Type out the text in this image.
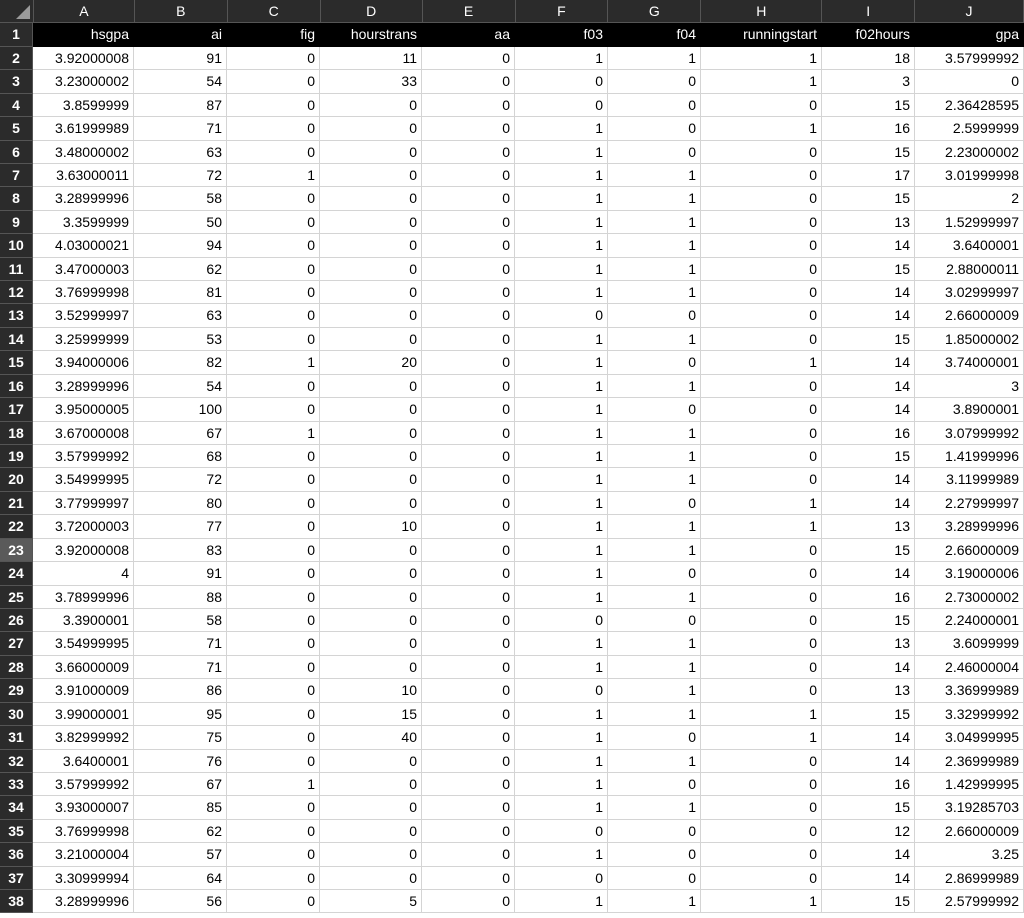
A	B	C	D	E	F	G	H	I	J
1	hsgpa	ai	fig	hourstrans	aa	f03	f04	runningstart	f02hours	gpa
2	3.92000008	91	0	11	0	1	1	1	18	3.57999992
3	3.23000002	54	0	33	0	0	0	1	3	0
4	3.8599999	87	0	0	0	0	0	0	15	2.36428595
5	3.61999989	71	0	0	0	1	0	1	16	2.5999999
6	3.48000002	63	0	0	0	1	0	0	15	2.23000002
7	3.63000011	72	1	0	0	1	1	0	17	3.01999998
8	3.28999996	58	0	0	0	1	1	0	15	2
9	3.3599999	50	0	0	0	1	1	0	13	1.52999997
10	4.03000021	94	0	0	0	1	1	0	14	3.6400001
11	3.47000003	62	0	0	0	1	1	0	15	2.88000011
12	3.76999998	81	0	0	0	1	1	0	14	3.02999997
13	3.52999997	63	0	0	0	0	0	0	14	2.66000009
14	3.25999999	53	0	0	0	1	1	0	15	1.85000002
15	3.94000006	82	1	20	0	1	0	1	14	3.74000001
16	3.28999996	54	0	0	0	1	1	0	14	3
17	3.95000005	100	0	0	0	1	0	0	14	3.8900001
18	3.67000008	67	1	0	0	1	1	0	16	3.07999992
19	3.57999992	68	0	0	0	1	1	0	15	1.41999996
20	3.54999995	72	0	0	0	1	1	0	14	3.11999989
21	3.77999997	80	0	0	0	1	0	1	14	2.27999997
22	3.72000003	77	0	10	0	1	1	1	13	3.28999996
23	3.92000008	83	0	0	0	1	1	0	15	2.66000009
24	4	91	0	0	0	1	0	0	14	3.19000006
25	3.78999996	88	0	0	0	1	1	0	16	2.73000002
26	3.3900001	58	0	0	0	0	0	0	15	2.24000001
27	3.54999995	71	0	0	0	1	1	0	13	3.6099999
28	3.66000009	71	0	0	0	1	1	0	14	2.46000004
29	3.91000009	86	0	10	0	0	1	0	13	3.36999989
30	3.99000001	95	0	15	0	1	1	1	15	3.32999992
31	3.82999992	75	0	40	0	1	0	1	14	3.04999995
32	3.6400001	76	0	0	0	1	1	0	14	2.36999989
33	3.57999992	67	1	0	0	1	0	0	16	1.42999995
34	3.93000007	85	0	0	0	1	1	0	15	3.19285703
35	3.76999998	62	0	0	0	0	0	0	12	2.66000009
36	3.21000004	57	0	0	0	1	0	0	14	3.25
37	3.30999994	64	0	0	0	0	0	0	14	2.86999989
38	3.28999996	56	0	5	0	1	1	1	15	2.57999992
